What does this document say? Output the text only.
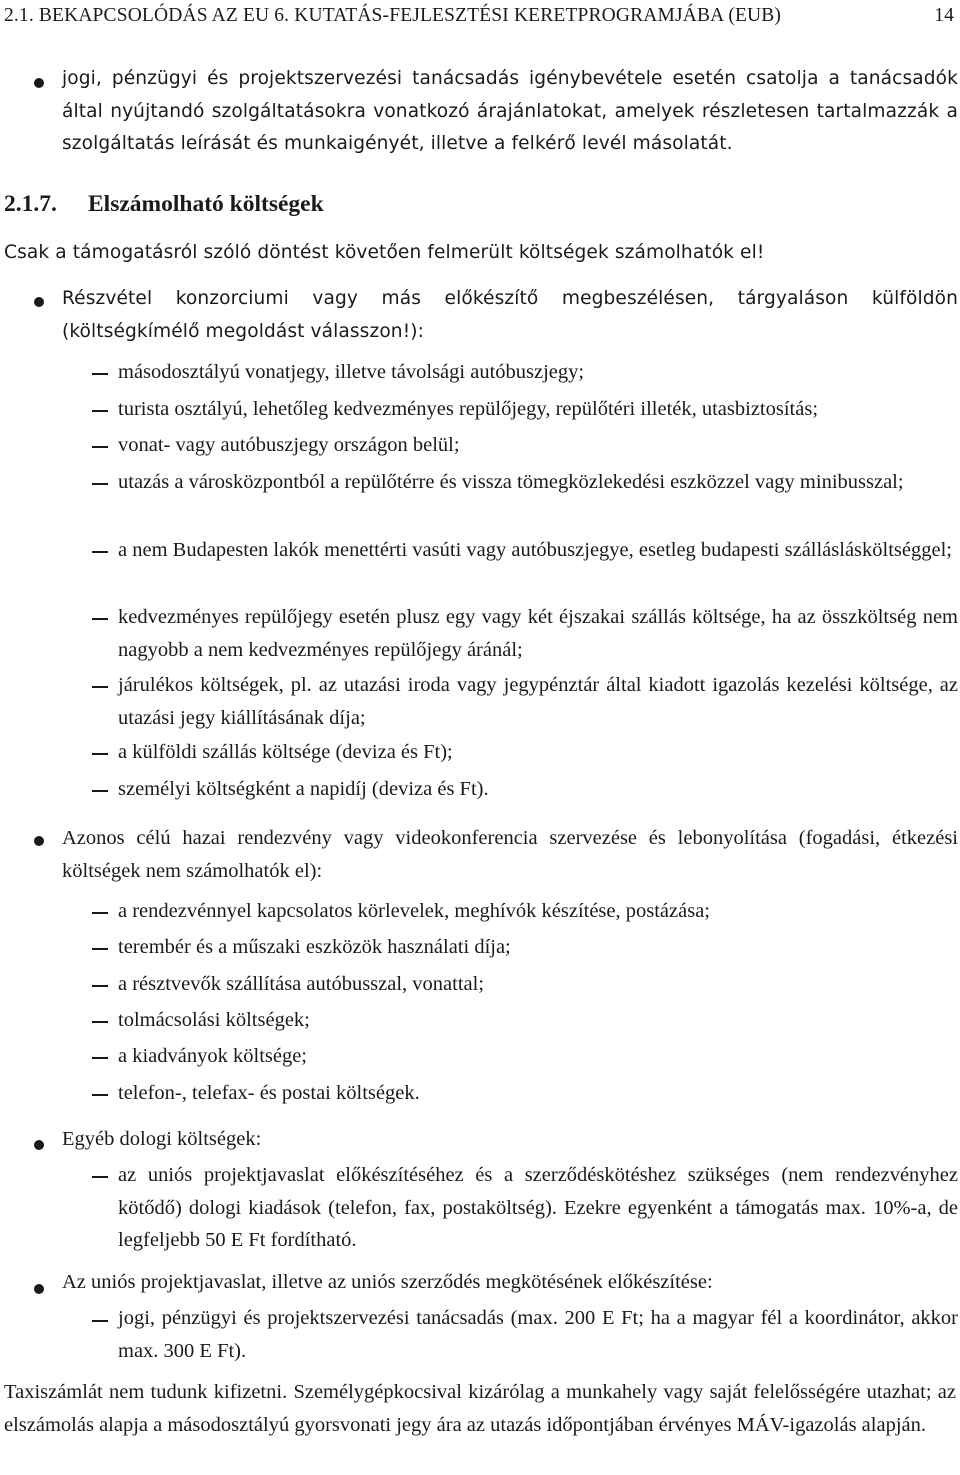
2.1. BEKAPCSOLÓDÁS AZ EU 6. KUTATÁS-FEJLESZTÉSI KERETPROGRAMJÁBA (EUB)	14
jogi, pénzügyi és projektszervezési tanácsadás igénybevétele esetén csatolja a tanácsadók által nyújtandó szolgáltatásokra vonatkozó árajánlatokat, amelyek részletesen tartalmazzák a szolgáltatás leírását és munkaigényét, illetve a felkérő levél másolatát.
2.1.7. Elszámolható költségek
Csak a támogatásról szóló döntést követően felmerült költségek számolhatók el!
Részvétel konzorciumi vagy más előkészítő megbeszélésen, tárgyaláson külföldön (költségkímélő megoldást válasszon!):
másodosztályú vonatjegy, illetve távolsági autóbuszjegy;
turista osztályú, lehetőleg kedvezményes repülőjegy, repülőtéri illeték, utasbiztosítás;
vonat- vagy autóbuszjegy országon belül;
utazás a városközpontból a repülőtérre és vissza tömegközlekedési eszközzel vagy minibusszal;
a nem Budapesten lakók menettérti vasúti vagy autóbuszjegye, esetleg budapesti szálláslásköltséggel;
kedvezményes repülőjegy esetén plusz egy vagy két éjszakai szállás költsége, ha az összköltség nem nagyobb a nem kedvezményes repülőjegy áránál;
járulékos költségek, pl. az utazási iroda vagy jegypénztár által kiadott igazolás kezelési költsége, az utazási jegy kiállításának díja;
a külföldi szállás költsége (deviza és Ft);
személyi költségként a napidíj (deviza és Ft).
Azonos célú hazai rendezvény vagy videokonferencia szervezése és lebonyolítása (fogadási, étkezési költségek nem számolhatók el):
a rendezvénnyel kapcsolatos körlevelek, meghívók készítése, postázása;
terembér és a műszaki eszközök használati díja;
a résztvevők szállítása autóbusszal, vonattal;
tolmácsolási költségek;
a kiadványok költsége;
telefon-, telefax- és postai költségek.
Egyéb dologi költségek:
az uniós projektjavaslat előkészítéséhez és a szerződéskötéshez szükséges (nem rendezvényhez kötődő) dologi kiadások (telefon, fax, postaköltség). Ezekre egyenként a támogatás max. 10%-a, de legfeljebb 50 E Ft fordítható.
Az uniós projektjavaslat, illetve az uniós szerződés megkötésének előkészítése:
jogi, pénzügyi és projektszervezési tanácsadás (max. 200 E Ft; ha a magyar fél a koordinátor, akkor max. 300 E Ft).
Taxiszámlát nem tudunk kifizetni. Személygépkocsival kizárólag a munkahely vagy saját felelősségére utazhat; az elszámolás alapja a másodosztályú gyorsvonati jegy ára az utazás időpontjában érvényes MÁV-igazolás alapján.
